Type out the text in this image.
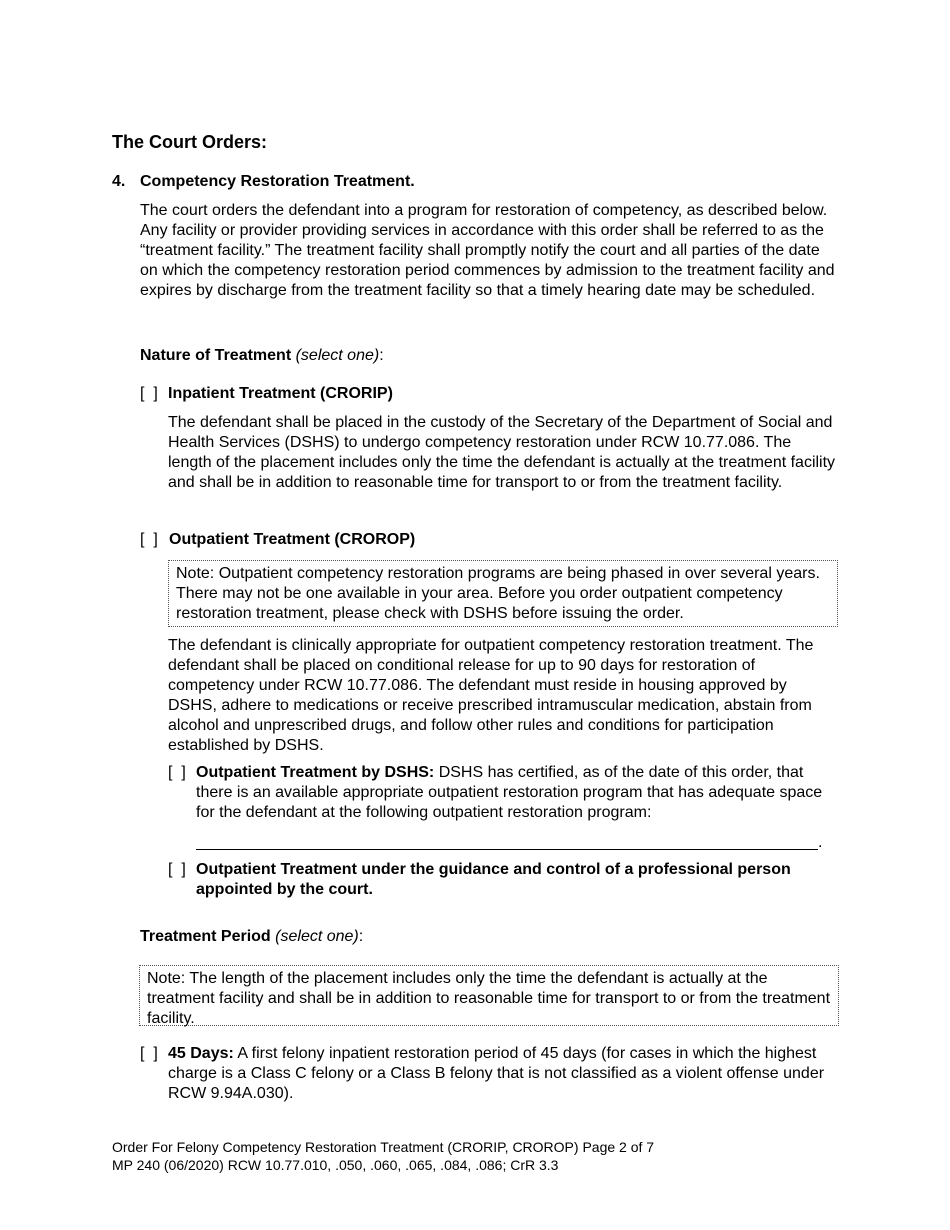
The Court Orders:
4. Competency Restoration Treatment.

The court orders the defendant into a program for restoration of competency, as described below. Any facility or provider providing services in accordance with this order shall be referred to as the “treatment facility.” The treatment facility shall promptly notify the court and all parties of the date on which the competency restoration period commences by admission to the treatment facility and expires by discharge from the treatment facility so that a timely hearing date may be scheduled.

Nature of Treatment (select one):
[  ] Inpatient Treatment (CRORIP)

The defendant shall be placed in the custody of the Secretary of the Department of Social and Health Services (DSHS) to undergo competency restoration under RCW 10.77.086. The length of the placement includes only the time the defendant is actually at the treatment facility and shall be in addition to reasonable time for transport to or from the treatment facility.

[  ] Outpatient Treatment (CROROP)

Note: Outpatient competency restoration programs are being phased in over several years. There may not be one available in your area. Before you order outpatient competency restoration treatment, please check with DSHS before issuing the order.

The defendant is clinically appropriate for outpatient competency restoration treatment. The defendant shall be placed on conditional release for up to 90 days for restoration of competency under RCW 10.77.086. The defendant must reside in housing approved by DSHS, adhere to medications or receive prescribed intramuscular medication, abstain from alcohol and unprescribed drugs, and follow other rules and conditions for participation established by DSHS.

[  ] Outpatient Treatment by DSHS: DSHS has certified, as of the date of this order, that there is an available appropriate outpatient restoration program that has adequate space for the defendant at the following outpatient restoration program:

.
[  ] Outpatient Treatment under the guidance and control of a professional person appointed by the court.

Treatment Period (select one):

Note: The length of the placement includes only the time the defendant is actually at the treatment facility and shall be in addition to reasonable time for transport to or from the treatment facility.

[  ] 45 Days: A first felony inpatient restoration period of 45 days (for cases in which the highest charge is a Class C felony or a Class B felony that is not classified as a violent offense under RCW 9.94A.030).

Order For Felony Competency Restoration Treatment (CRORIP, CROROP) Page 2 of 7
MP 240 (06/2020) RCW 10.77.010, .050, .060, .065, .084, .086; CrR 3.3
